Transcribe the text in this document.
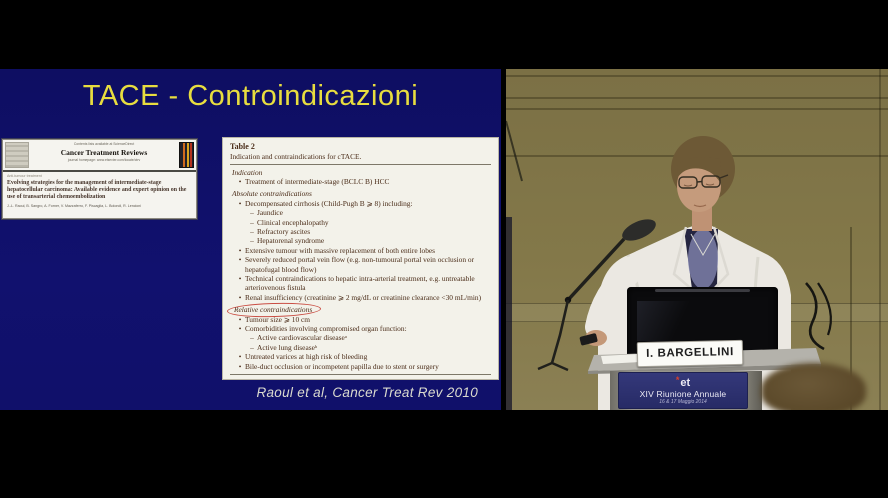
TACE - Controindicazioni
Contents lists available at ScienceDirect
Cancer Treatment Reviews
journal homepage: www.elsevier.com/locate/ctrv
Anti-tumour treatment
Evolving strategies for the management of intermediate-stage hepatocellular carcinoma: Available evidence and expert opinion on the use of transarterial chemoembolization
J.-L. Raoul, B. Sangro, A. Forner, V. Mazzaferro, F. Piscaglia, L. Bolondi, R. Lencioni
Table 2
Indication and contraindications for cTACE.
Indication
• Treatment of intermediate-stage (BCLC B) HCC
Absolute contraindications
• Decompensated cirrhosis (Child-Pugh B ⩾ 8) including:
– Jaundice
– Clinical encephalopathy
– Refractory ascites
– Hepatorenal syndrome
• Extensive tumour with massive replacement of both entire lobes
• Severely reduced portal vein flow (e.g. non-tumoural portal vein occlusion or hepatofugal blood flow)
• Technical contraindications to hepatic intra-arterial treatment, e.g. untreatable arteriovenous fistula
• Renal insufficiency (creatinine ⩾ 2 mg/dL or creatinine clearance <30 mL/min)
Relative contraindications
• Tumour size ⩾ 10 cm
• Comorbidities involving compromised organ function:
– Active cardiovascular diseaseᵃ
– Active lung diseaseᵇ
• Untreated varices at high risk of bleeding
• Bile-duct occlusion or incompetent papilla due to stent or surgery
Raoul et al, Cancer Treat Rev 2010
I. BARGELLINI
*et
XIV Riunione Annuale
16 & 17 Maggio 2014
